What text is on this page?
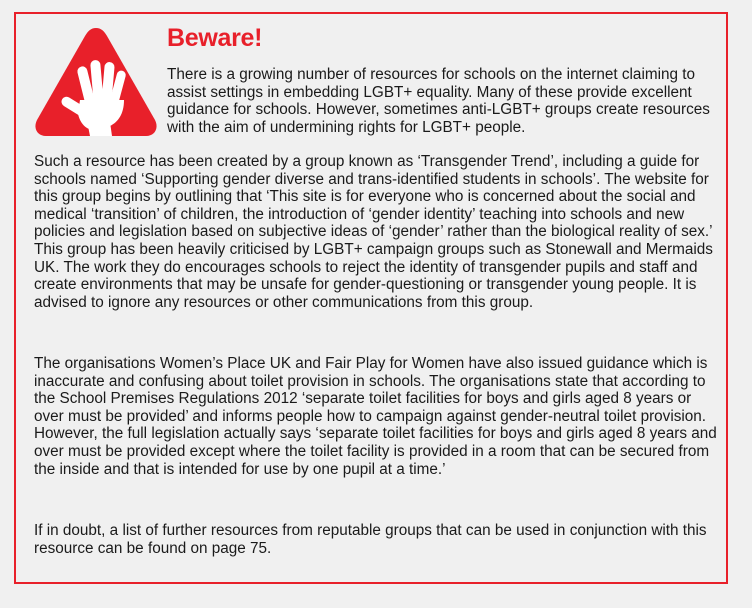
Beware!

There is a growing number of resources for schools on the internet claiming to assist settings in embedding LGBT+ equality. Many of these provide excellent guidance for schools. However, sometimes anti-LGBT+ groups create resources with the aim of undermining rights for LGBT+ people.

Such a resource has been created by a group known as ‘Transgender Trend’, including a guide for schools named ‘Supporting gender diverse and trans-identified students in schools’. The website for this group begins by outlining that ‘This site is for everyone who is concerned about the social and medical ‘transition’ of children, the introduction of ‘gender identity’ teaching into schools and new policies and legislation based on subjective ideas of ‘gender’ rather than the biological reality of sex.’ This group has been heavily criticised by LGBT+ campaign groups such as Stonewall and Mermaids UK. The work they do encourages schools to reject the identity of transgender pupils and staff and create environments that may be unsafe for gender-questioning or transgender young people. It is advised to ignore any resources or other communications from this group.

The organisations Women’s Place UK and Fair Play for Women have also issued guidance which is inaccurate and confusing about toilet provision in schools. The organisations state that according to the School Premises Regulations 2012 ‘separate toilet facilities for boys and girls aged 8 years or over must be provided’ and informs people how to campaign against gender-neutral toilet provision. However, the full legislation actually says ‘separate toilet facilities for boys and girls aged 8 years and over must be provided except where the toilet facility is provided in a room that can be secured from the inside and that is intended for use by one pupil at a time.’

If in doubt, a list of further resources from reputable groups that can be used in conjunction with this resource can be found on page 75.
